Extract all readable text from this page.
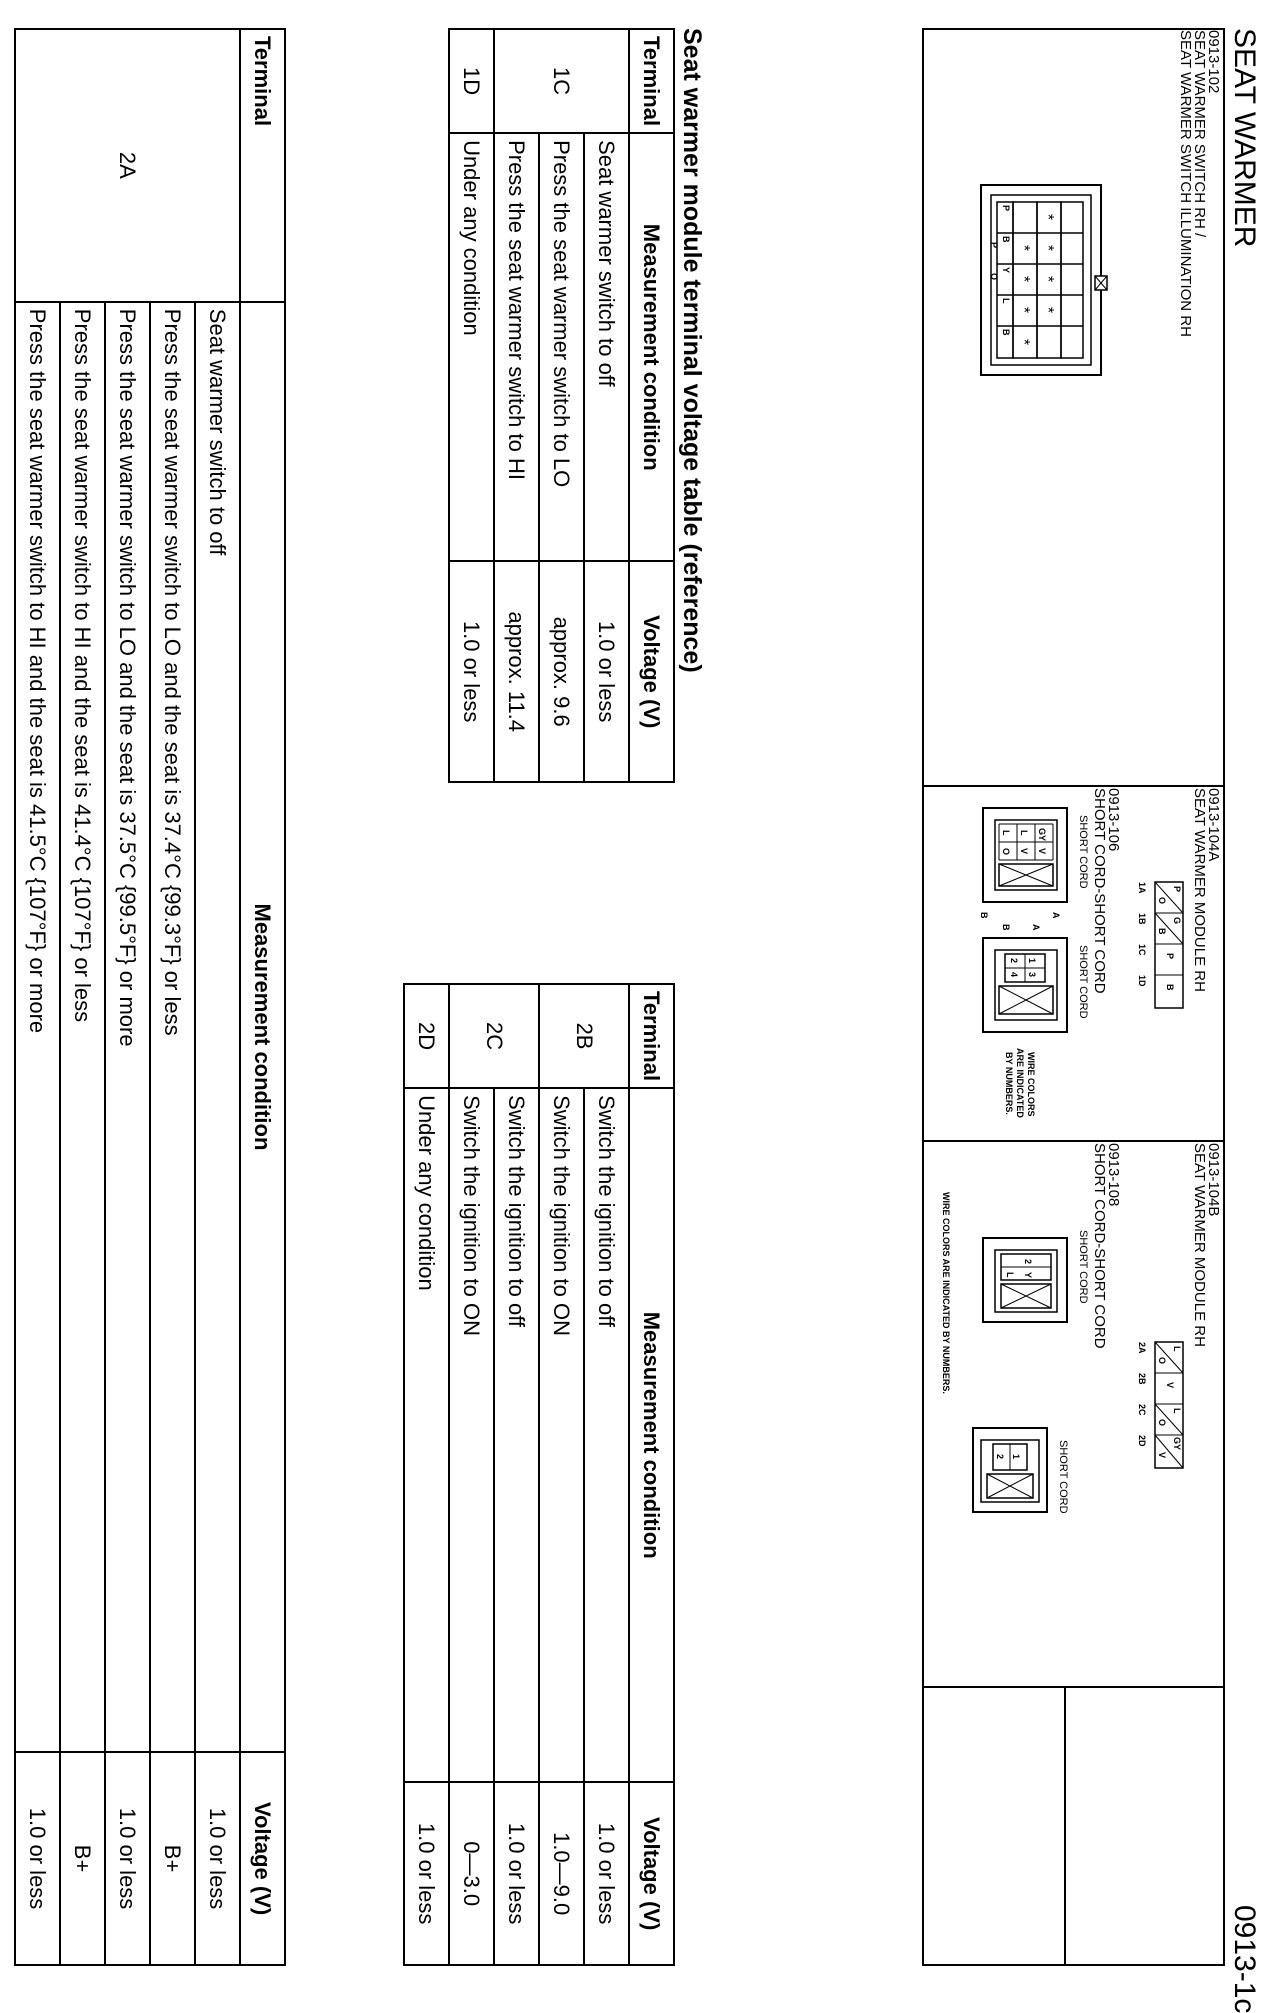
SEAT WARMER
0913-1c
0913-102
SEAT WARMER SWITCH RH /
SEAT WARMER SWITCH ILLUMINATION RH
*
*
*
*
*
*
*
*
P
B
Y
L
B
P
O
0913-104A
SEAT WARMER MODULE RH
P
G
P
B
O
B
1A
1B
1C
1D
0913-106
SHORT CORD-SHORT CORD
SHORT CORD
SHORT CORD
GY
V
L
V
L
O
A
B
1
3
2
4
A
B
WIRE COLORS
ARE INDICATED
BY NUMBERS.
0913-104B
SEAT WARMER MODULE RH
L
V
L
GY
O
O
V
2A
2B
2C
2D
0913-108
SHORT CORD-SHORT CORD
SHORT CORD
SHORT CORD
2
Y
L
1
2
WIRE COLORS ARE INDICATED BY NUMBERS.
Seat warmer module terminal voltage table (reference)
Terminal	Measurement condition	Voltage (V)
1C	Seat warmer switch to off	1.0 or less
	Press the seat warmer switch to LO	approx. 9.6
	Press the seat warmer switch to HI	approx. 11.4
1D	Under any condition	1.0 or less
Terminal	Measurement condition	Voltage (V)
2B	Switch the ignition to off	1.0 or less
	Switch the ignition to ON	1.0—9.0
2C	Switch the ignition to off	1.0 or less
	Switch the ignition to ON	0—3.0
2D	Under any condition	1.0 or less
Terminal	Measurement condition	Voltage (V)
2A	Seat warmer switch to off	1.0 or less
	Press the seat warmer switch to LO and the seat is 37.4°C {99.3°F} or less	B+
	Press the seat warmer switch to LO and the seat is 37.5°C {99.5°F} or more	1.0 or less
	Press the seat warmer switch to HI and the seat is 41.4°C {107°F} or less	B+
	Press the seat warmer switch to HI and the seat is 41.5°C {107°F} or more	1.0 or less
